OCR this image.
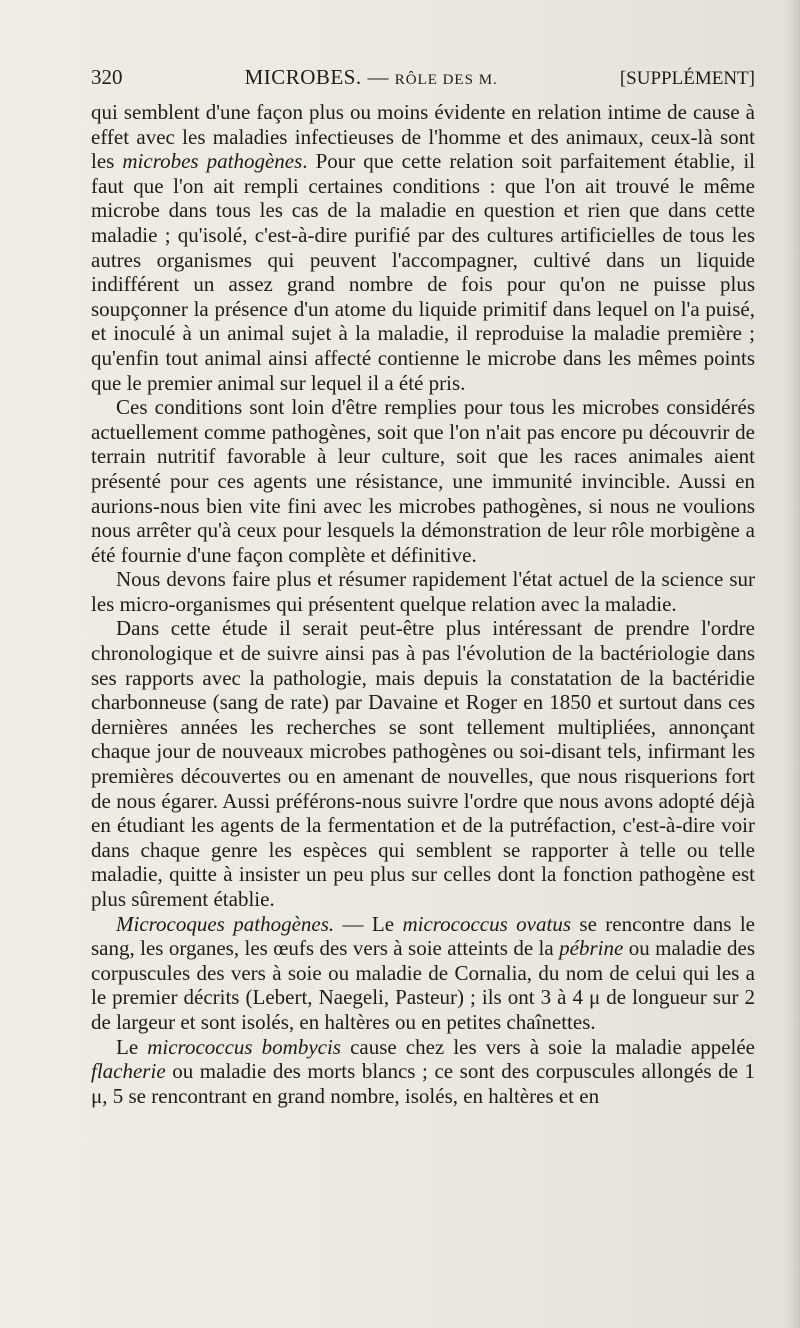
320	MICROBES. — RÔLE DES M.	[SUPPLÉMENT]

qui semblent d'une façon plus ou moins évidente en relation intime de cause à effet avec les maladies infectieuses de l'homme et des animaux, ceux-là sont les microbes pathogènes. Pour que cette relation soit parfaitement établie, il faut que l'on ait rempli certaines conditions : que l'on ait trouvé le même microbe dans tous les cas de la maladie en question et rien que dans cette maladie ; qu'isolé, c'est-à-dire purifié par des cultures artificielles de tous les autres organismes qui peuvent l'accompagner, cultivé dans un liquide indifférent un assez grand nombre de fois pour qu'on ne puisse plus soupçonner la présence d'un atome du liquide primitif dans lequel on l'a puisé, et inoculé à un animal sujet à la maladie, il reproduise la maladie première ; qu'enfin tout animal ainsi affecté contienne le microbe dans les mêmes points que le premier animal sur lequel il a été pris.

Ces conditions sont loin d'être remplies pour tous les microbes considérés actuellement comme pathogènes, soit que l'on n'ait pas encore pu découvrir de terrain nutritif favorable à leur culture, soit que les races animales aient présenté pour ces agents une résistance, une immunité invincible. Aussi en aurions-nous bien vite fini avec les microbes pathogènes, si nous ne voulions nous arrêter qu'à ceux pour lesquels la démonstration de leur rôle morbigène a été fournie d'une façon complète et définitive.

Nous devons faire plus et résumer rapidement l'état actuel de la science sur les micro-organismes qui présentent quelque relation avec la maladie.

Dans cette étude il serait peut-être plus intéressant de prendre l'ordre chronologique et de suivre ainsi pas à pas l'évolution de la bactériologie dans ses rapports avec la pathologie, mais depuis la constatation de la bactéridie charbonneuse (sang de rate) par Davaine et Roger en 1850 et surtout dans ces dernières années les recherches se sont tellement multipliées, annonçant chaque jour de nouveaux microbes pathogènes ou soi-disant tels, infirmant les premières découvertes ou en amenant de nouvelles, que nous risquerions fort de nous égarer. Aussi préférons-nous suivre l'ordre que nous avons adopté déjà en étudiant les agents de la fermentation et de la putréfaction, c'est-à-dire voir dans chaque genre les espèces qui semblent se rapporter à telle ou telle maladie, quitte à insister un peu plus sur celles dont la fonction pathogène est plus sûrement établie.

Microcoques pathogènes. — Le micrococcus ovatus se rencontre dans le sang, les organes, les œufs des vers à soie atteints de la pébrine ou maladie des corpuscules des vers à soie ou maladie de Cornalia, du nom de celui qui les a le premier décrits (Lebert, Naegeli, Pasteur) ; ils ont 3 à 4 μ de longueur sur 2 de largeur et sont isolés, en haltères ou en petites chaînettes.

Le micrococcus bombycis cause chez les vers à soie la maladie appelée flacherie ou maladie des morts blancs ; ce sont des corpuscules allongés de 1 μ, 5 se rencontrant en grand nombre, isolés, en haltères et en
